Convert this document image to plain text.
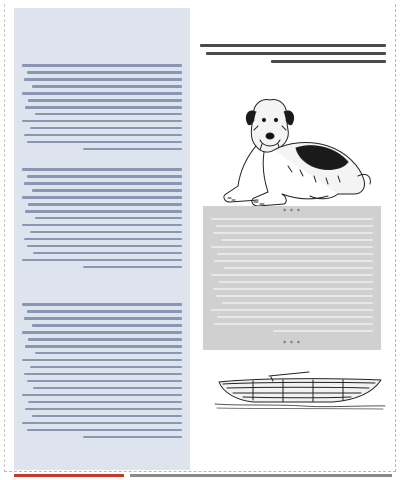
* * *
* * *
